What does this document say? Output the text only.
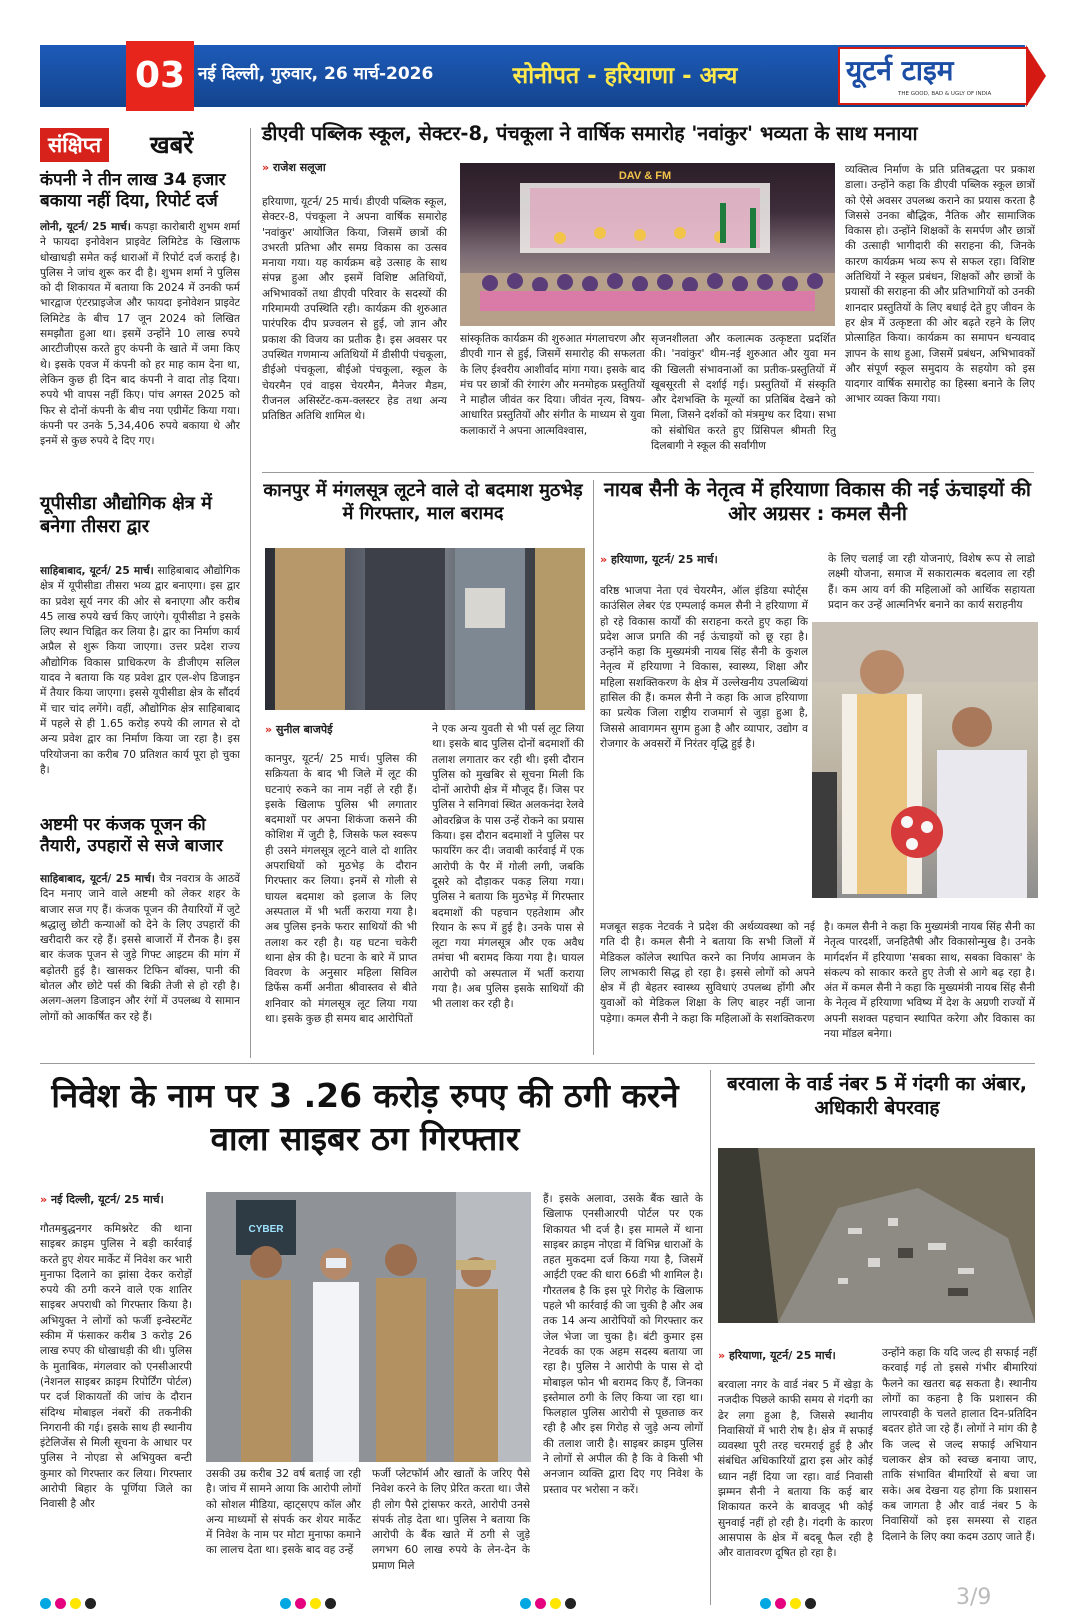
03 नई दिल्ली, गुरुवार, 26 मार्च-2026	सोनीपत - हरियाणा - अन्य	यूटर्न टाइम
THE GOOD, BAD & UGLY OF INDIA
संक्षिप्त	खबरें
कंपनी ने तीन लाख 34 हजार बकाया नहीं दिया, रिपोर्ट दर्ज
लोनी, यूटर्न/ 25 मार्च। कपड़ा कारोबारी शुभम शर्मा ने फायदा इनोवेशन प्राइवेट लिमिटेड के खिलाफ धोखाधड़ी समेत कई धाराओं में रिपोर्ट दर्ज कराई है। पुलिस ने जांच शुरू कर दी है। शुभम शर्मा ने पुलिस को दी शिकायत में बताया कि 2024 में उनकी फर्म भारद्वाज एंटरप्राइजेज और फायदा इनोवेशन प्राइवेट लिमिटेड के बीच 17 जून 2024 को लिखित समझौता हुआ था। इसमें उन्होंने 10 लाख रुपये आरटीजीएस करते हुए कंपनी के खाते में जमा किए थे। इसके एवज में कंपनी को हर माह काम देना था, लेकिन कुछ ही दिन बाद कंपनी ने वादा तोड़ दिया। रुपये भी वापस नहीं किए। पांच अगस्त 2025 को फिर से दोनों कंपनी के बीच नया एग्रीमेंट किया गया। कंपनी पर उनके 5,34,406 रुपये बकाया थे और इनमें से कुछ रुपये दे दिए गए।
यूपीसीडा औद्योगिक क्षेत्र में बनेगा तीसरा द्वार
साहिबाबाद, यूटर्न/ 25 मार्च। साहिबाबाद औद्योगिक क्षेत्र में यूपीसीडा तीसरा भव्य द्वार बनाएगा। इस द्वार का प्रवेश सूर्य नगर की ओर से बनाएगा और करीब 45 लाख रुपये खर्च किए जाएंगे। यूपीसीडा ने इसके लिए स्थान चिह्नित कर लिया है। द्वार का निर्माण कार्य अप्रैल से शुरू किया जाएगा। उत्तर प्रदेश राज्य औद्योगिक विकास प्राधिकरण के डीजीएम सलिल यादव ने बताया कि यह प्रवेश द्वार एल-शेप डिजाइन में तैयार किया जाएगा। इससे यूपीसीडा क्षेत्र के सौंदर्य में चार चांद लगेंगे। वहीं, औद्योगिक क्षेत्र साहिबाबाद में पहले से ही 1.65 करोड़ रुपये की लागत से दो अन्य प्रवेश द्वार का निर्माण किया जा रहा है। इस परियोजना का करीब 70 प्रतिशत कार्य पूरा हो चुका है।
अष्टमी पर कंजक पूजन की तैयारी, उपहारों से सजे बाजार
साहिबाबाद, यूटर्न/ 25 मार्च। चैत्र नवरात्र के आठवें दिन मनाए जाने वाले अष्टमी को लेकर शहर के बाजार सज गए हैं। कंजक पूजन की तैयारियों में जुटे श्रद्धालु छोटी कन्याओं को देने के लिए उपहारों की खरीदारी कर रहे हैं। इससे बाजारों में रौनक है। इस बार कंजक पूजन से जुड़े गिफ्ट आइटम की मांग में बढ़ोतरी हुई है। खासकर टिफिन बॉक्स, पानी की बोतल और छोटे पर्स की बिक्री तेजी से हो रही है। अलग-अलग डिजाइन और रंगों में उपलब्ध ये सामान लोगों को आकर्षित कर रहे हैं।
डीएवी पब्लिक स्कूल, सेक्टर-8, पंचकूला ने वार्षिक समारोह 'नवांकुर' भव्यता के साथ मनाया
» राजेश सलूजा
हरियाणा, यूटर्न/ 25 मार्च। डीएवी पब्लिक स्कूल, सेक्टर-8, पंचकूला ने अपना वार्षिक समारोह 'नवांकुर' आयोजित किया, जिसमें छात्रों की उभरती प्रतिभा और समग्र विकास का उत्सव मनाया गया। यह कार्यक्रम बड़े उत्साह के साथ संपन्न हुआ और इसमें विशिष्ट अतिथियों, अभिभावकों तथा डीएवी परिवार के सदस्यों की गरिमामयी उपस्थिति रही। कार्यक्रम की शुरुआत पारंपरिक दीप प्रज्वलन से हुई, जो ज्ञान और प्रकाश की विजय का प्रतीक है। इस अवसर पर उपस्थित गणमान्य अतिथियों में डीसीपी पंचकूला, डीईओ पंचकूला, बीईओ पंचकूला, स्कूल के चेयरमैन एवं वाइस चेयरमैन, मैनेजर मैडम, रीजनल असिस्टेंट-कम-क्लस्टर हेड तथा अन्य प्रतिष्ठित अतिथि शामिल थे।
DAV & FM
सांस्कृतिक कार्यक्रम की शुरुआत मंगलाचरण और डीएवी गान से हुई, जिसमें समारोह की सफलता के लिए ईश्वरीय आशीर्वाद मांगा गया। इसके बाद मंच पर छात्रों की रंगारंग और मनमोहक प्रस्तुतियों ने माहौल जीवंत कर दिया। जीवंत नृत्य, विषय-आधारित प्रस्तुतियों और संगीत के माध्यम से युवा कलाकारों ने अपना आत्मविश्वास,
सृजनशीलता और कलात्मक उत्कृष्टता प्रदर्शित की। 'नवांकुर' थीम-नई शुरुआत और युवा मन की खिलती संभावनाओं का प्रतीक-प्रस्तुतियों में खूबसूरती से दर्शाई गई। प्रस्तुतियों में संस्कृति और देशभक्ति के मूल्यों का प्रतिबिंब देखने को मिला, जिसने दर्शकों को मंत्रमुग्ध कर दिया। सभा को संबोधित करते हुए प्रिंसिपल श्रीमती रितु दिलबागी ने स्कूल की सर्वांगीण
व्यक्तित्व निर्माण के प्रति प्रतिबद्धता पर प्रकाश डाला। उन्होंने कहा कि डीएवी पब्लिक स्कूल छात्रों को ऐसे अवसर उपलब्ध कराने का प्रयास करता है जिससे उनका बौद्धिक, नैतिक और सामाजिक विकास हो। उन्होंने शिक्षकों के समर्पण और छात्रों की उत्साही भागीदारी की सराहना की, जिनके कारण कार्यक्रम भव्य रूप से सफल रहा। विशिष्ट अतिथियों ने स्कूल प्रबंधन, शिक्षकों और छात्रों के प्रयासों की सराहना की और प्रतिभागियों को उनकी शानदार प्रस्तुतियों के लिए बधाई देते हुए जीवन के हर क्षेत्र में उत्कृष्टता की ओर बढ़ते रहने के लिए प्रोत्साहित किया। कार्यक्रम का समापन धन्यवाद ज्ञापन के साथ हुआ, जिसमें प्रबंधन, अभिभावकों और संपूर्ण स्कूल समुदाय के सहयोग को इस यादगार वार्षिक समारोह का हिस्सा बनाने के लिए आभार व्यक्त किया गया।
कानपुर में मंगलसूत्र लूटने वाले दो बदमाश मुठभेड़ में गिरफ्तार, माल बरामद
» सुनील बाजपेई
कानपुर, यूटर्न/ 25 मार्च। पुलिस की सक्रियता के बाद भी जिले में लूट की घटनाएं रुकने का नाम नहीं ले रही हैं। इसके खिलाफ पुलिस भी लगातार बदमाशों पर अपना शिकंजा कसने की कोशिश में जुटी है, जिसके फल स्वरूप ही उसने मंगलसूत्र लूटने वाले दो शातिर अपराधियों को मुठभेड़ के दौरान गिरफ्तार कर लिया। इनमें से गोली से घायल बदमाश को इलाज के लिए अस्पताल में भी भर्ती कराया गया है। अब पुलिस इनके फरार साथियों की भी तलाश कर रही है। यह घटना चकेरी थाना क्षेत्र की है। घटना के बारे में प्राप्त विवरण के अनुसार महिला सिविल डिफेंस कर्मी अनीता श्रीवास्तव से बीते शनिवार को मंगलसूत्र लूट लिया गया था। इसके कुछ ही समय बाद आरोपितों
ने एक अन्य युवती से भी पर्स लूट लिया था। इसके बाद पुलिस दोनों बदमाशों की तलाश लगातार कर रही थी। इसी दौरान पुलिस को मुखबिर से सूचना मिली कि दोनों आरोपी क्षेत्र में मौजूद हैं। जिस पर पुलिस ने सनिगवां स्थित अलकनंदा रेलवे ओवरब्रिज के पास उन्हें रोकने का प्रयास किया। इस दौरान बदमाशों ने पुलिस पर फायरिंग कर दी। जवाबी कार्रवाई में एक आरोपी के पैर में गोली लगी, जबकि दूसरे को दौड़ाकर पकड़ लिया गया। पुलिस ने बताया कि मुठभेड़ में गिरफ्तार बदमाशों की पहचान एहतेशाम और रियान के रूप में हुई है। उनके पास से लूटा गया मंगलसूत्र और एक अवैध तमंचा भी बरामद किया गया है। घायल आरोपी को अस्पताल में भर्ती कराया गया है। अब पुलिस इसके साथियों की भी तलाश कर रही है।
नायब सैनी के नेतृत्व में हरियाणा विकास की नई ऊंचाइयों की ओर अग्रसर : कमल सैनी
» हरियाणा, यूटर्न/ 25 मार्च।	के लिए चलाई जा रही योजनाएं, विशेष रूप से लाडो लक्ष्मी योजना, समाज में सकारात्मक बदलाव ला रही हैं। कम आय वर्ग की महिलाओं को आर्थिक सहायता प्रदान कर उन्हें आत्मनिर्भर बनाने का कार्य सराहनीय
वरिष्ठ भाजपा नेता एवं चेयरमैन, ऑल इंडिया स्पोर्ट्स काउंसिल लेबर एंड एम्पलाई कमल सैनी ने हरियाणा में हो रहे विकास कार्यों की सराहना करते हुए कहा कि प्रदेश आज प्रगति की नई ऊंचाइयों को छू रहा है। उन्होंने कहा कि मुख्यमंत्री नायब सिंह सैनी के कुशल नेतृत्व में हरियाणा ने विकास, स्वास्थ्य, शिक्षा और महिला सशक्तिकरण के क्षेत्र में उल्लेखनीय उपलब्धियां हासिल की हैं। कमल सैनी ने कहा कि आज हरियाणा का प्रत्येक जिला राष्ट्रीय राजमार्ग से जुड़ा हुआ है, जिससे आवागमन सुगम हुआ है और व्यापार, उद्योग व रोजगार के अवसरों में निरंतर वृद्धि हुई है।
मजबूत सड़क नेटवर्क ने प्रदेश की अर्थव्यवस्था को नई गति दी है। कमल सैनी ने बताया कि सभी जिलों में मेडिकल कॉलेज स्थापित करने का निर्णय आमजन के लिए लाभकारी सिद्ध हो रहा है। इससे लोगों को अपने क्षेत्र में ही बेहतर स्वास्थ्य सुविधाएं उपलब्ध होंगी और युवाओं को मेडिकल शिक्षा के लिए बाहर नहीं जाना पड़ेगा। कमल सैनी ने कहा कि महिलाओं के सशक्तिकरण
है। कमल सैनी ने कहा कि मुख्यमंत्री नायब सिंह सैनी का नेतृत्व पारदर्शी, जनहितैषी और विकासोन्मुख है। उनके मार्गदर्शन में हरियाणा 'सबका साथ, सबका विकास' के संकल्प को साकार करते हुए तेजी से आगे बढ़ रहा है। अंत में कमल सैनी ने कहा कि मुख्यमंत्री नायब सिंह सैनी के नेतृत्व में हरियाणा भविष्य में देश के अग्रणी राज्यों में अपनी सशक्त पहचान स्थापित करेगा और विकास का नया मॉडल बनेगा।
निवेश के नाम पर 3 .26 करोड़ रुपए की ठगी करने वाला साइबर ठग गिरफ्तार
» नई दिल्ली, यूटर्न/ 25 मार्च।
गौतमबुद्धनगर कमिश्नरेट की थाना साइबर क्राइम पुलिस ने बड़ी कार्रवाई करते हुए शेयर मार्केट में निवेश कर भारी मुनाफा दिलाने का झांसा देकर करोड़ों रुपये की ठगी करने वाले एक शातिर साइबर अपराधी को गिरफ्तार किया है। अभियुक्त ने लोगों को फर्जी इन्वेस्टमेंट स्कीम में फंसाकर करीब 3 करोड़ 26 लाख रुपए की धोखाधड़ी की थी। पुलिस के मुताबिक, मंगलवार को एनसीआरपी (नेशनल साइबर क्राइम रिपोर्टिंग पोर्टल) पर दर्ज शिकायतों की जांच के दौरान संदिग्ध मोबाइल नंबरों की तकनीकी निगरानी की गई। इसके साथ ही स्थानीय इंटेलिजेंस से मिली सूचना के आधार पर पुलिस ने नोएडा से अभियुक्त बन्टी कुमार को गिरफ्तार कर लिया। गिरफ्तार आरोपी बिहार के पूर्णिया जिले का निवासी है और
CYBER
उसकी उम्र करीब 32 वर्ष बताई जा रही है। जांच में सामने आया कि आरोपी लोगों को सोशल मीडिया, व्हाट्सएप कॉल और अन्य माध्यमों से संपर्क कर शेयर मार्केट में निवेश के नाम पर मोटा मुनाफा कमाने का लालच देता था। इसके बाद वह उन्हें
फर्जी प्लेटफॉर्म और खातों के जरिए पैसे निवेश करने के लिए प्रेरित करता था। जैसे ही लोग पैसे ट्रांसफर करते, आरोपी उनसे संपर्क तोड़ देता था। पुलिस ने बताया कि आरोपी के बैंक खाते में ठगी से जुड़े लगभग 60 लाख रुपये के लेन-देन के प्रमाण मिले
हैं। इसके अलावा, उसके बैंक खाते के खिलाफ एनसीआरपी पोर्टल पर एक शिकायत भी दर्ज है। इस मामले में थाना साइबर क्राइम नोएडा में विभिन्न धाराओं के तहत मुकदमा दर्ज किया गया है, जिसमें आईटी एक्ट की धारा 66डी भी शामिल है। गौरतलब है कि इस पूरे गिरोह के खिलाफ पहले भी कार्रवाई की जा चुकी है और अब तक 14 अन्य आरोपियों को गिरफ्तार कर जेल भेजा जा चुका है। बंटी कुमार इस नेटवर्क का एक अहम सदस्य बताया जा रहा है। पुलिस ने आरोपी के पास से दो मोबाइल फोन भी बरामद किए हैं, जिनका इस्तेमाल ठगी के लिए किया जा रहा था। फिलहाल पुलिस आरोपी से पूछताछ कर रही है और इस गिरोह से जुड़े अन्य लोगों की तलाश जारी है। साइबर क्राइम पुलिस ने लोगों से अपील की है कि वे किसी भी अनजान व्यक्ति द्वारा दिए गए निवेश के प्रस्ताव पर भरोसा न करें।
बरवाला के वार्ड नंबर 5 में गंदगी का अंबार, अधिकारी बेपरवाह
» हरियाणा, यूटर्न/ 25 मार्च।
बरवाला नगर के वार्ड नंबर 5 में खेड़ा के नजदीक पिछले काफी समय से गंदगी का ढेर लगा हुआ है, जिससे स्थानीय निवासियों में भारी रोष है। क्षेत्र में सफाई व्यवस्था पूरी तरह चरमराई हुई है और संबंधित अधिकारियों द्वारा इस ओर कोई ध्यान नहीं दिया जा रहा। वार्ड निवासी झम्मन सैनी ने बताया कि कई बार शिकायत करने के बावजूद भी कोई सुनवाई नहीं हो रही है। गंदगी के कारण आसपास के क्षेत्र में बदबू फैल रही है और वातावरण दूषित हो रहा है।
उन्होंने कहा कि यदि जल्द ही सफाई नहीं करवाई गई तो इससे गंभीर बीमारियां फैलने का खतरा बढ़ सकता है। स्थानीय लोगों का कहना है कि प्रशासन की लापरवाही के चलते हालात दिन-प्रतिदिन बदतर होते जा रहे हैं। लोगों ने मांग की है कि जल्द से जल्द सफाई अभियान चलाकर क्षेत्र को स्वच्छ बनाया जाए, ताकि संभावित बीमारियों से बचा जा सके। अब देखना यह होगा कि प्रशासन कब जागता है और वार्ड नंबर 5 के निवासियों को इस समस्या से राहत दिलाने के लिए क्या कदम उठाए जाते हैं।
3/9
